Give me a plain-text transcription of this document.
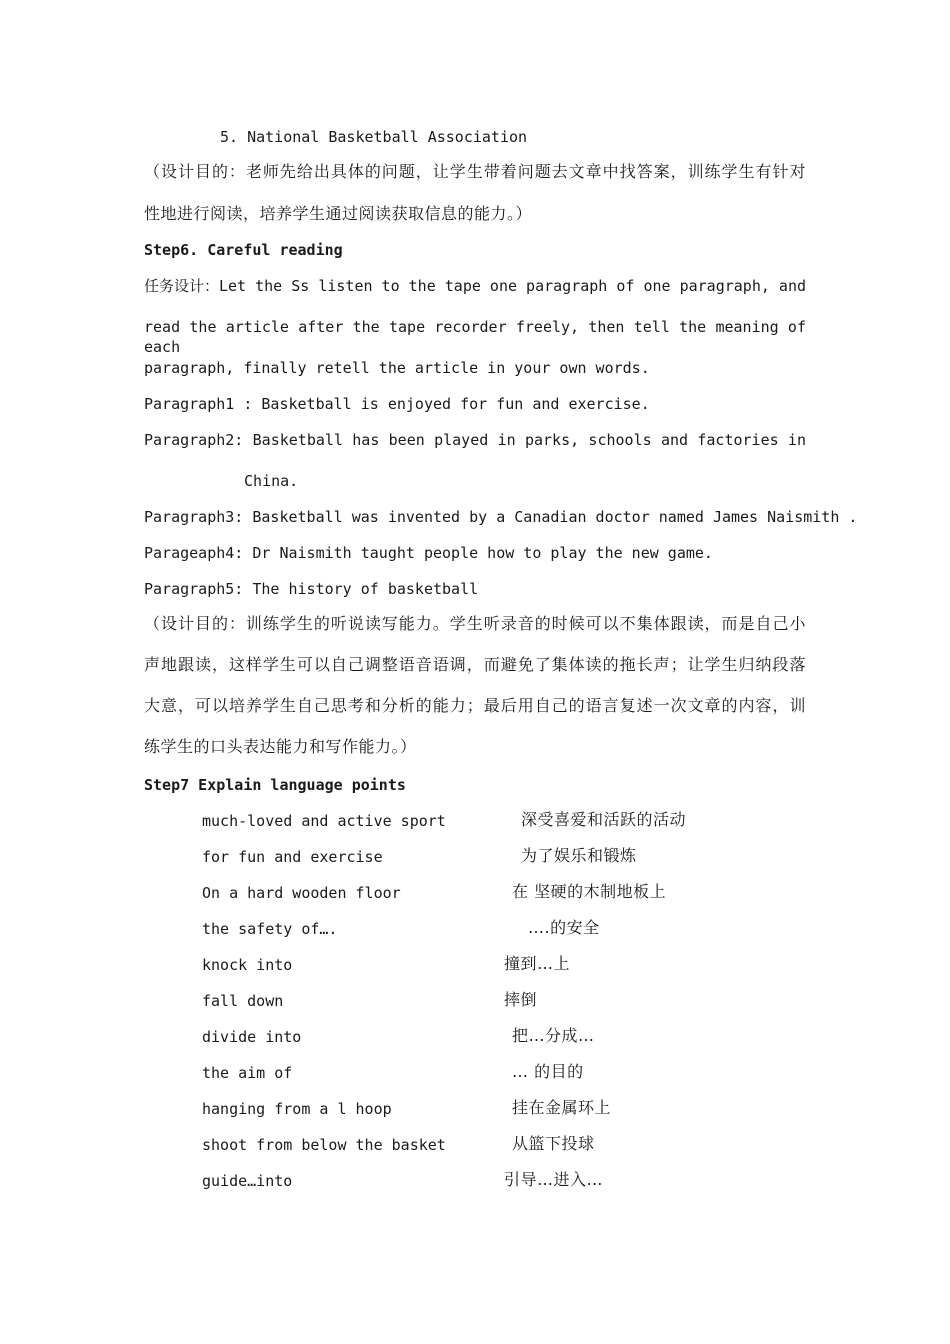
5. National Basketball Association
（设计目的：老师先给出具体的问题，让学生带着问题去文章中找答案，训练学生有针对
性地进行阅读，培养学生通过阅读获取信息的能力。）
Step6. Careful reading
任务设计：Let the Ss listen to the tape one paragraph of one paragraph, and
read the article after the tape recorder freely, then tell the meaning of each
paragraph, finally retell the article in your own words.
Paragraph1 : Basketball is enjoyed for fun and exercise.
Paragraph2: Basketball has been played in parks, schools and factories in
China.
Paragraph3: Basketball was invented by a Canadian doctor named James Naismith .
Parageaph4: Dr Naismith taught people how to play the new game.
Paragraph5: The history of basketball
（设计目的：训练学生的听说读写能力。学生听录音的时候可以不集体跟读，而是自己小
声地跟读，这样学生可以自己调整语音语调，而避免了集体读的拖长声；让学生归纳段落
大意，可以培养学生自己思考和分析的能力；最后用自己的语言复述一次文章的内容，训
练学生的口头表达能力和写作能力。）
Step7 Explain language points
much-loved and active sport	深受喜爱和活跃的活动
for fun and exercise	为了娱乐和锻炼
On a hard wooden floor	在 坚硬的木制地板上
the safety of….	….的安全
knock into	撞到…上
fall down	摔倒
divide into	把…分成…
the aim of	… 的目的
hanging from a l hoop	挂在金属环上
shoot from below the basket	从篮下投球
guide…into	引导…进入…
